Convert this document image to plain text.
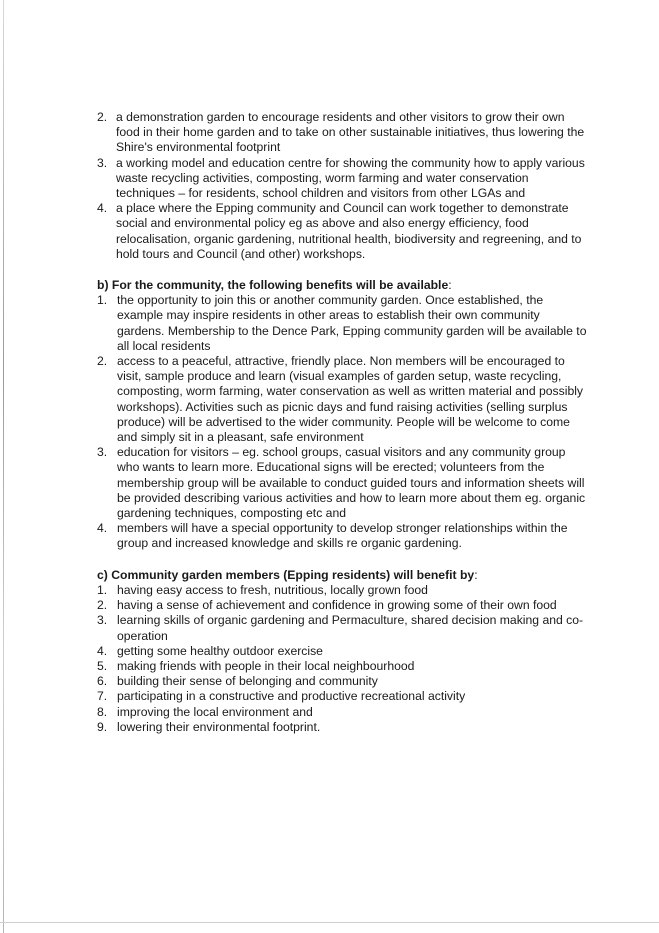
2. a demonstration garden to encourage residents and other visitors to grow their own food in their home garden and to take on other sustainable initiatives, thus lowering the Shire's environmental footprint
3. a working model and education centre for showing the community how to apply various waste recycling activities, composting, worm farming and water conservation techniques – for residents, school children and visitors from other LGAs and
4. a place where the Epping community and Council can work together to demonstrate social and environmental policy eg as above and also energy efficiency, food relocalisation, organic gardening, nutritional health, biodiversity and regreening, and to hold tours and Council (and other) workshops.
b) For the community, the following benefits will be available:
1. the opportunity to join this or another community garden. Once established, the example may inspire residents in other areas to establish their own community gardens. Membership to the Dence Park, Epping community garden will be available to all local residents
2. access to a peaceful, attractive, friendly place. Non members will be encouraged to visit, sample produce and learn (visual examples of garden setup, waste recycling, composting, worm farming, water conservation as well as written material and possibly workshops). Activities such as picnic days and fund raising activities (selling surplus produce) will be advertised to the wider community. People will be welcome to come and simply sit in a pleasant, safe environment
3. education for visitors – eg. school groups, casual visitors and any community group who wants to learn more. Educational signs will be erected; volunteers from the membership group will be available to conduct guided tours and information sheets will be provided describing various activities and how to learn more about them eg. organic gardening techniques, composting etc and
4. members will have a special opportunity to develop stronger relationships within the group and increased knowledge and skills re organic gardening.
c) Community garden members (Epping residents) will benefit by:
1. having easy access to fresh, nutritious, locally grown food
2. having a sense of achievement and confidence in growing some of their own food
3. learning skills of organic gardening and Permaculture, shared decision making and co-operation
4. getting some healthy outdoor exercise
5. making friends with people in their local neighbourhood
6. building their sense of belonging and community
7. participating in a constructive and productive recreational activity
8. improving the local environment and
9. lowering their environmental footprint.
